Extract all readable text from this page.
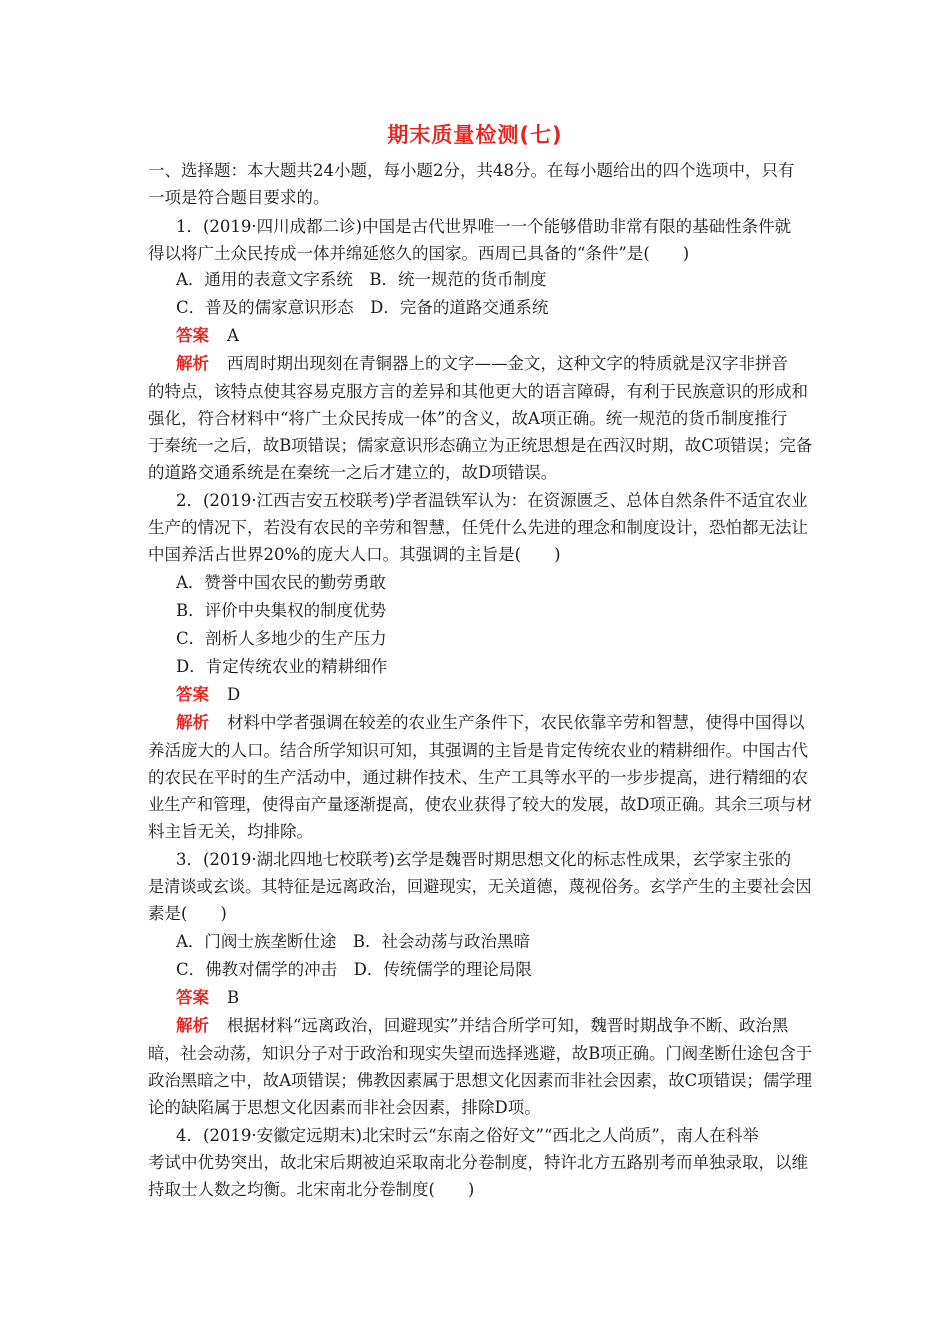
期末质量检测(七)
一、选择题：本大题共24小题，每小题2分，共48分。在每小题给出的四个选项中，只有
一项是符合题目要求的。
1．(2019·四川成都二诊)中国是古代世界唯一一个能够借助非常有限的基础性条件就
得以将广土众民抟成一体并绵延悠久的国家。西周已具备的“条件”是(　　)
A．通用的表意文字系统　B．统一规范的货币制度
C．普及的儒家意识形态　D．完备的道路交通系统
答案 A
解析 西周时期出现刻在青铜器上的文字——金文，这种文字的特质就是汉字非拼音
的特点，该特点使其容易克服方言的差异和其他更大的语言障碍，有利于民族意识的形成和
强化，符合材料中“将广土众民抟成一体”的含义，故A项正确。统一规范的货币制度推行
于秦统一之后，故B项错误；儒家意识形态确立为正统思想是在西汉时期，故C项错误；完备
的道路交通系统是在秦统一之后才建立的，故D项错误。
2．(2019·江西吉安五校联考)学者温铁军认为：在资源匮乏、总体自然条件不适宜农业
生产的情况下，若没有农民的辛劳和智慧，任凭什么先进的理念和制度设计，恐怕都无法让
中国养活占世界20%的庞大人口。其强调的主旨是(　　)
A．赞誉中国农民的勤劳勇敢
B．评价中央集权的制度优势
C．剖析人多地少的生产压力
D．肯定传统农业的精耕细作
答案 D
解析 材料中学者强调在较差的农业生产条件下，农民依靠辛劳和智慧，使得中国得以
养活庞大的人口。结合所学知识可知，其强调的主旨是肯定传统农业的精耕细作。中国古代
的农民在平时的生产活动中，通过耕作技术、生产工具等水平的一步步提高，进行精细的农
业生产和管理，使得亩产量逐渐提高，使农业获得了较大的发展，故D项正确。其余三项与材
料主旨无关，均排除。
3．(2019·湖北四地七校联考)玄学是魏晋时期思想文化的标志性成果，玄学家主张的
是清谈或玄谈。其特征是远离政治，回避现实，无关道德，蔑视俗务。玄学产生的主要社会因
素是(　　)
A．门阀士族垄断仕途　B．社会动荡与政治黑暗
C．佛教对儒学的冲击　D．传统儒学的理论局限
答案 B
解析 根据材料“远离政治，回避现实”并结合所学可知，魏晋时期战争不断、政治黑
暗，社会动荡，知识分子对于政治和现实失望而选择逃避，故B项正确。门阀垄断仕途包含于
政治黑暗之中，故A项错误；佛教因素属于思想文化因素而非社会因素，故C项错误；儒学理
论的缺陷属于思想文化因素而非社会因素，排除D项。
4．(2019·安徽定远期末)北宋时云“东南之俗好文”“西北之人尚质”，南人在科举
考试中优势突出，故北宋后期被迫采取南北分卷制度，特许北方五路别考而单独录取，以维
持取士人数之均衡。北宋南北分卷制度(　　)
